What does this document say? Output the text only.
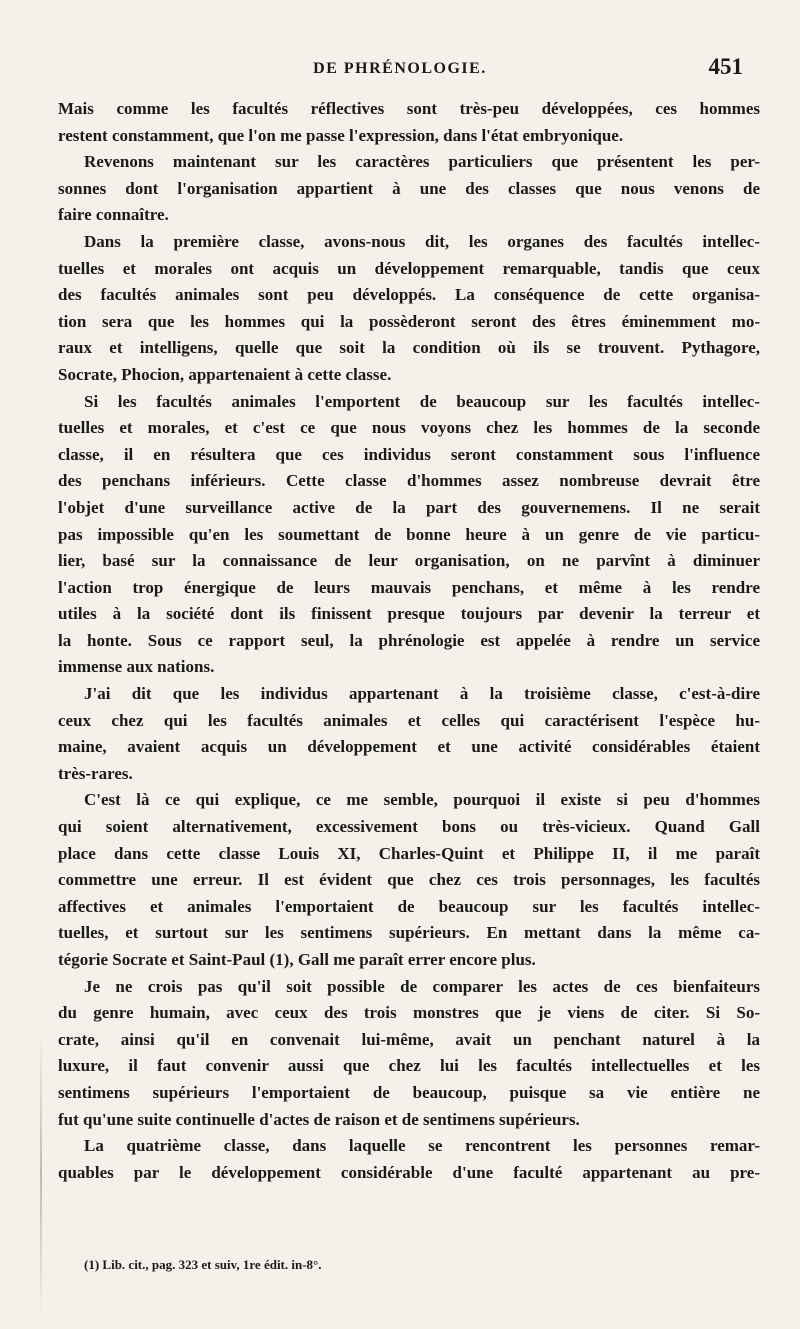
DE PHRÉNOLOGIE.	451
Mais comme les facultés réflectives sont très-peu développées, ces hommes
restent constamment, que l'on me passe l'expression, dans l'état embryonique.
Revenons maintenant sur les caractères particuliers que présentent les per-
sonnes dont l'organisation appartient à une des classes que nous venons de
faire connaître.
Dans la première classe, avons-nous dit, les organes des facultés intellec-
tuelles et morales ont acquis un développement remarquable, tandis que ceux
des facultés animales sont peu développés. La conséquence de cette organisa-
tion sera que les hommes qui la possèderont seront des êtres éminemment mo-
raux et intelligens, quelle que soit la condition où ils se trouvent. Pythagore,
Socrate, Phocion, appartenaient à cette classe.
Si les facultés animales l'emportent de beaucoup sur les facultés intellec-
tuelles et morales, et c'est ce que nous voyons chez les hommes de la seconde
classe, il en résultera que ces individus seront constamment sous l'influence
des penchans inférieurs. Cette classe d'hommes assez nombreuse devrait être
l'objet d'une surveillance active de la part des gouvernemens. Il ne serait
pas impossible qu'en les soumettant de bonne heure à un genre de vie particu-
lier, basé sur la connaissance de leur organisation, on ne parvînt à diminuer
l'action trop énergique de leurs mauvais penchans, et même à les rendre
utiles à la société dont ils finissent presque toujours par devenir la terreur et
la honte. Sous ce rapport seul, la phrénologie est appelée à rendre un service
immense aux nations.
J'ai dit que les individus appartenant à la troisième classe, c'est-à-dire
ceux chez qui les facultés animales et celles qui caractérisent l'espèce hu-
maine, avaient acquis un développement et une activité considérables étaient
très-rares.
C'est là ce qui explique, ce me semble, pourquoi il existe si peu d'hommes
qui soient alternativement, excessivement bons ou très-vicieux. Quand Gall
place dans cette classe Louis XI, Charles-Quint et Philippe II, il me paraît
commettre une erreur. Il est évident que chez ces trois personnages, les facultés
affectives et animales l'emportaient de beaucoup sur les facultés intellec-
tuelles, et surtout sur les sentimens supérieurs. En mettant dans la même ca-
tégorie Socrate et Saint-Paul (1), Gall me paraît errer encore plus.
Je ne crois pas qu'il soit possible de comparer les actes de ces bienfaiteurs
du genre humain, avec ceux des trois monstres que je viens de citer. Si So-
crate, ainsi qu'il en convenait lui-même, avait un penchant naturel à la
luxure, il faut convenir aussi que chez lui les facultés intellectuelles et les
sentimens supérieurs l'emportaient de beaucoup, puisque sa vie entière ne
fut qu'une suite continuelle d'actes de raison et de sentimens supérieurs.
La quatrième classe, dans laquelle se rencontrent les personnes remar-
quables par le développement considérable d'une faculté appartenant au pre-
(1) Lib. cit., pag. 323 et suiv, 1re édit. in-8°.
